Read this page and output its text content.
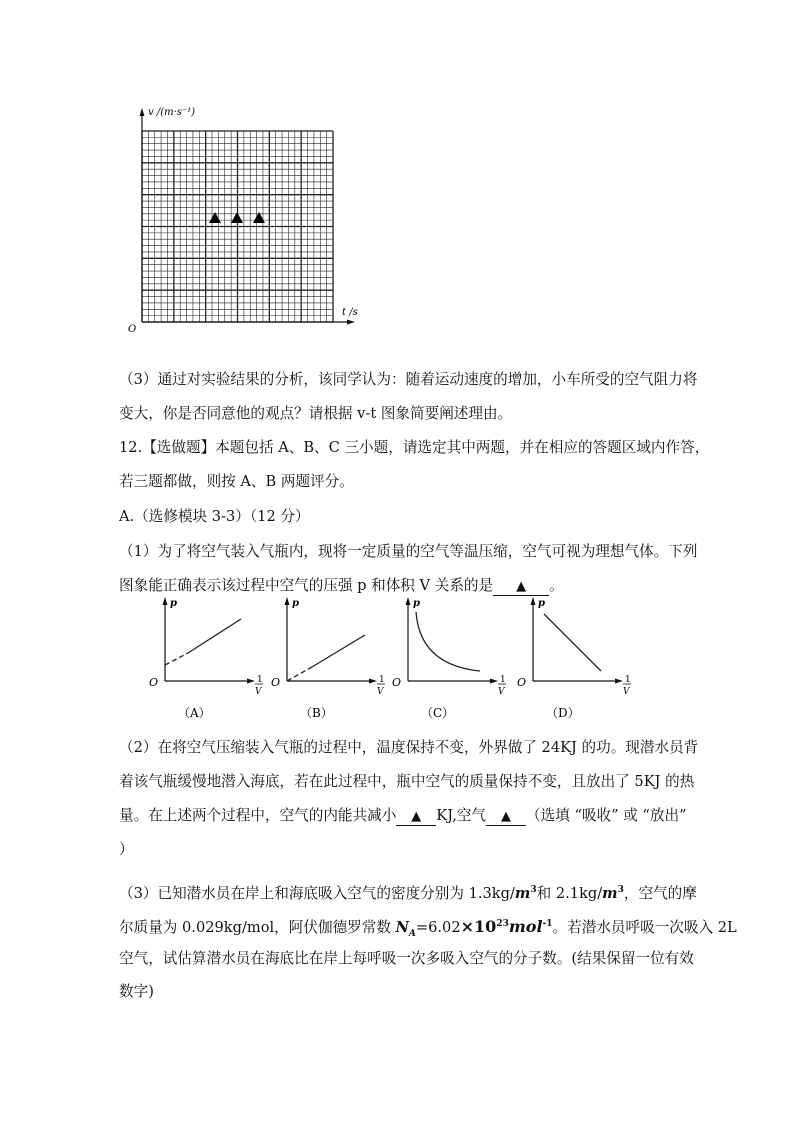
v /(m·s⁻¹)
t /s
O
（3）通过对实验结果的分析，该同学认为：随着运动速度的增加，小车所受的空气阻力将
变大，你是否同意他的观点？请根据 v-t 图象简要阐述理由。
12.【选做题】本题包括 A、B、C 三小题，请选定其中两题，并在相应的答题区域内作答，
若三题都做，则按 A、B 两题评分。
A.（选修模块 3-3）（12 分）
（1）为了将空气装入气瓶内，现将一定质量的空气等温压缩，空气可视为理想气体。下列
图象能正确表示该过程中空气的压强 p 和体积 V 关系的是 ▲ 。
p
O	1
V
（A）
p
O	1
V
（B）
p
O	1
V
（C）
p
O	1
V
（D）
（2）在将空气压缩装入气瓶的过程中，温度保持不变，外界做了 24KJ 的功。现潜水员背
着该气瓶缓慢地潜入海底，若在此过程中，瓶中空气的质量保持不变，且放出了 5KJ 的热
量。在上述两个过程中，空气的内能共减小 ▲ KJ,空气 ▲ （选填 “吸收” 或 “放出”
）
（3）已知潜水员在岸上和海底吸入空气的密度分别为 $1.3kg/m^3$和 $2.1kg/m^3$，空气的摩
尔质量为 0.029kg/mol，阿伏伽德罗常数 $N_A=6.02\times 10^{23}mol^{-1}$。若潜水员呼吸一次吸入 2L
空气，试估算潜水员在海底比在岸上每呼吸一次多吸入空气的分子数。(结果保留一位有效
数字)
